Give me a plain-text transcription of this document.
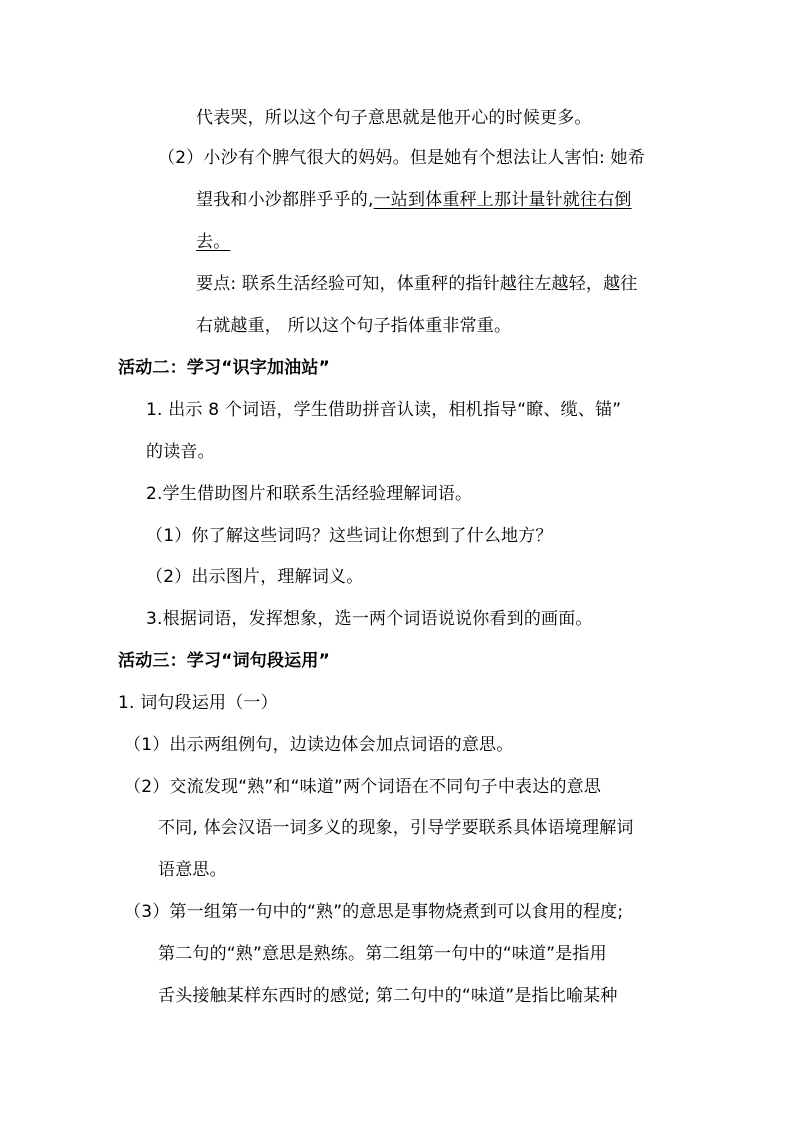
代表哭，所以这个句子意思就是他开心的时候更多。
（2）小沙有个脾气很大的妈妈。但是她有个想法让人害怕: 她希
望我和小沙都胖乎乎的,一站到体重秤上那计量针就往右倒
去。
要点: 联系生活经验可知，体重秤的指针越往左越轻，越往
右就越重， 所以这个句子指体重非常重。
活动二：学习“识字加油站”
1. 出示 8 个词语，学生借助拼音认读，相机指导“瞭、缆、锚”
的读音。
2.学生借助图片和联系生活经验理解词语。
（1）你了解这些词吗？这些词让你想到了什么地方？
（2）出示图片，理解词义。
3.根据词语，发挥想象，选一两个词语说说你看到的画面。
活动三：学习“词句段运用”
1. 词句段运用（一）
（1）出示两组例句，边读边体会加点词语的意思。
（2）交流发现“熟”和“味道”两个词语在不同句子中表达的意思
不同, 体会汉语一词多义的现象，引导学要联系具体语境理解词
语意思。
（3）第一组第一句中的“熟”的意思是事物烧煮到可以食用的程度;
第二句的“熟”意思是熟练。第二组第一句中的“味道”是指用
舌头接触某样东西时的感觉; 第二句中的“味道”是指比喻某种
